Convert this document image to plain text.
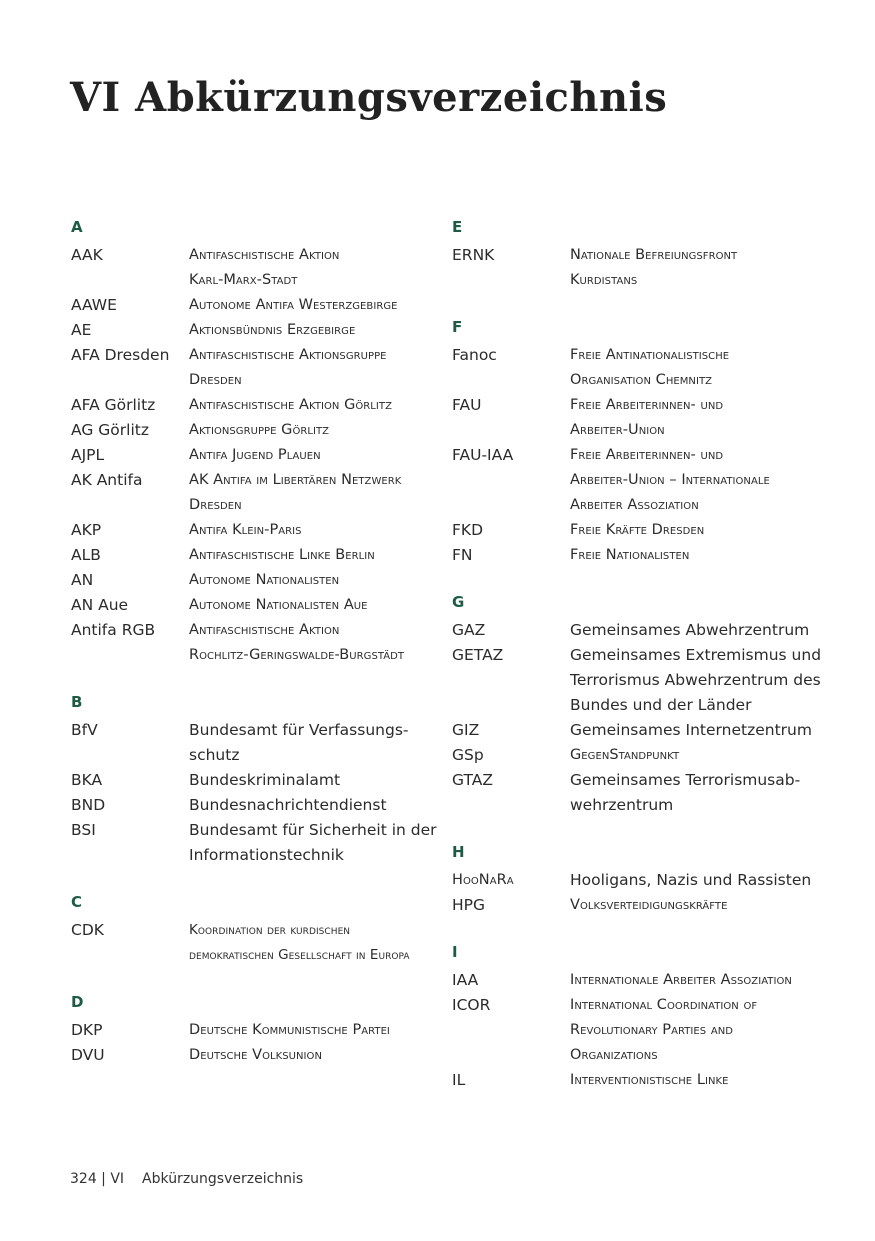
VI Abkürzungsverzeichnis
A
AAK	Antifaschistische Aktion
Karl-Marx-Stadt
AAWE	Autonome Antifa Westerzgebirge
AE	Aktionsbündnis Erzgebirge
AFA Dresden	Antifaschistische Aktionsgruppe
Dresden
AFA Görlitz	Antifaschistische Aktion Görlitz
AG Görlitz	Aktionsgruppe Görlitz
AJPL	Antifa Jugend Plauen
AK Antifa	AK Antifa im Libertären Netzwerk
Dresden
AKP	Antifa Klein-Paris
ALB	Antifaschistische Linke Berlin
AN	Autonome Nationalisten
AN Aue	Autonome Nationalisten Aue
Antifa RGB	Antifaschistische Aktion
Rochlitz-Geringswalde-Burgstädt
B
BfV	Bundesamt für Verfassungs-
schutz
BKA	Bundeskriminalamt
BND	Bundesnachrichtendienst
BSI	Bundesamt für Sicherheit in der
Informationstechnik
C
CDK	Koordination der kurdischen
demokratischen Gesellschaft in Europa
D
DKP	Deutsche Kommunistische Partei
DVU	Deutsche Volksunion
E
ERNK	Nationale Befreiungsfront
Kurdistans
F
Fanoc	Freie Antinationalistische
Organisation Chemnitz
FAU	Freie Arbeiterinnen- und
Arbeiter-Union
FAU-IAA	Freie Arbeiterinnen- und
Arbeiter-Union – Internationale
Arbeiter Assoziation
FKD	Freie Kräfte Dresden
FN	Freie Nationalisten
G
GAZ	Gemeinsames Abwehrzentrum
GETAZ	Gemeinsames Extremismus und
Terrorismus Abwehrzentrum des
Bundes und der Länder
GIZ	Gemeinsames Internetzentrum
GSp	GegenStandpunkt
GTAZ	Gemeinsames Terrorismusab-
wehrzentrum
H
HooNaRa	Hooligans, Nazis und Rassisten
HPG	Volksverteidigungskräfte
I
IAA	Internationale Arbeiter Assoziation
ICOR	International Coordination of
Revolutionary Parties and
Organizations
IL	Interventionistische Linke
324 | VI Abkürzungsverzeichnis
